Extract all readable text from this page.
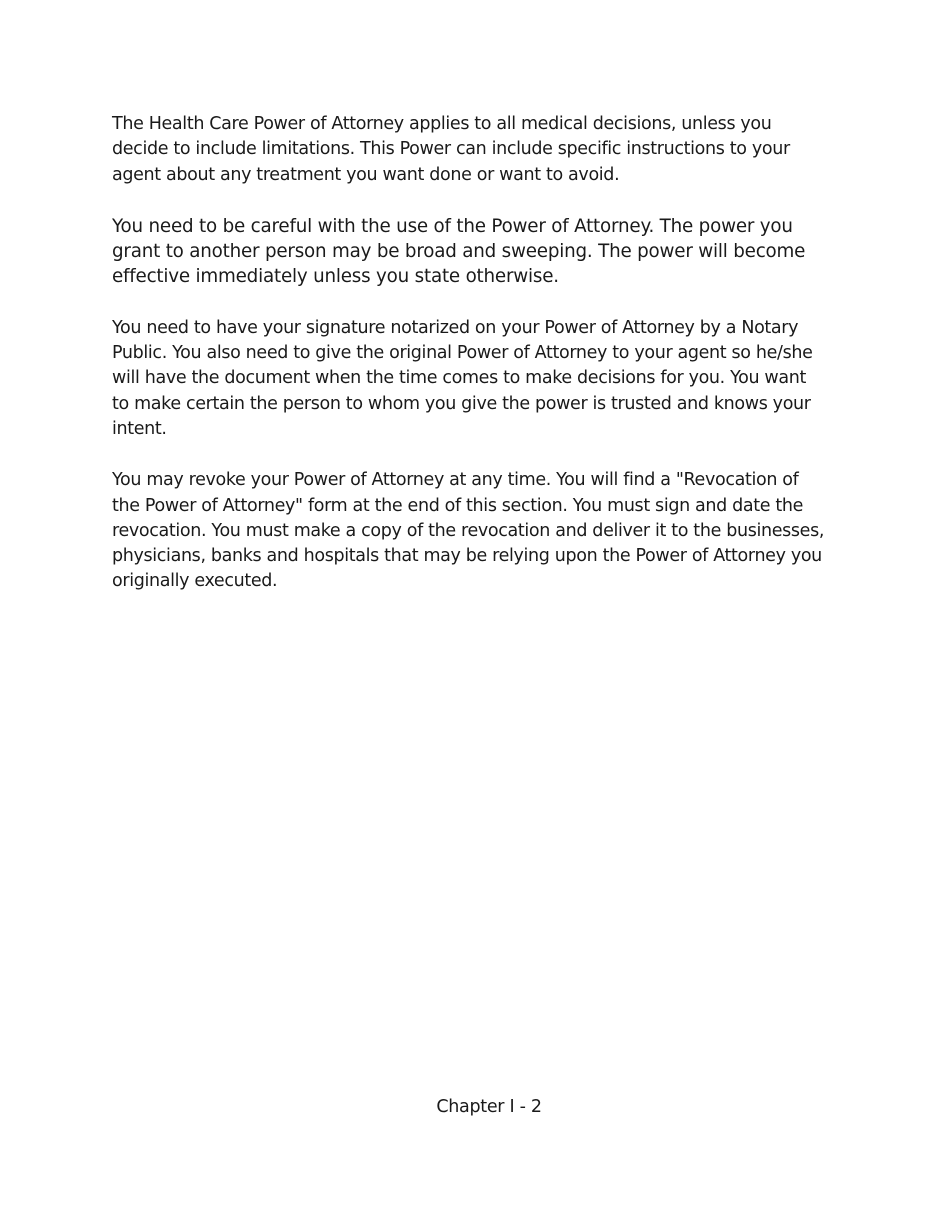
The Health Care Power of Attorney applies to all medical decisions, unless you decide to include limitations. This Power can include specific instructions to your agent about any treatment you want done or want to avoid.

You need to be careful with the use of the Power of Attorney. The power you grant to another person may be broad and sweeping. The power will become effective immediately unless you state otherwise.

You need to have your signature notarized on your Power of Attorney by a Notary Public. You also need to give the original Power of Attorney to your agent so he/she will have the document when the time comes to make decisions for you. You want to make certain the person to whom you give the power is trusted and knows your intent.

You may revoke your Power of Attorney at any time. You will find a "Revocation of the Power of Attorney" form at the end of this section. You must sign and date the revocation. You must make a copy of the revocation and deliver it to the businesses, physicians, banks and hospitals that may be relying upon the Power of Attorney you originally executed.

Chapter I - 2
